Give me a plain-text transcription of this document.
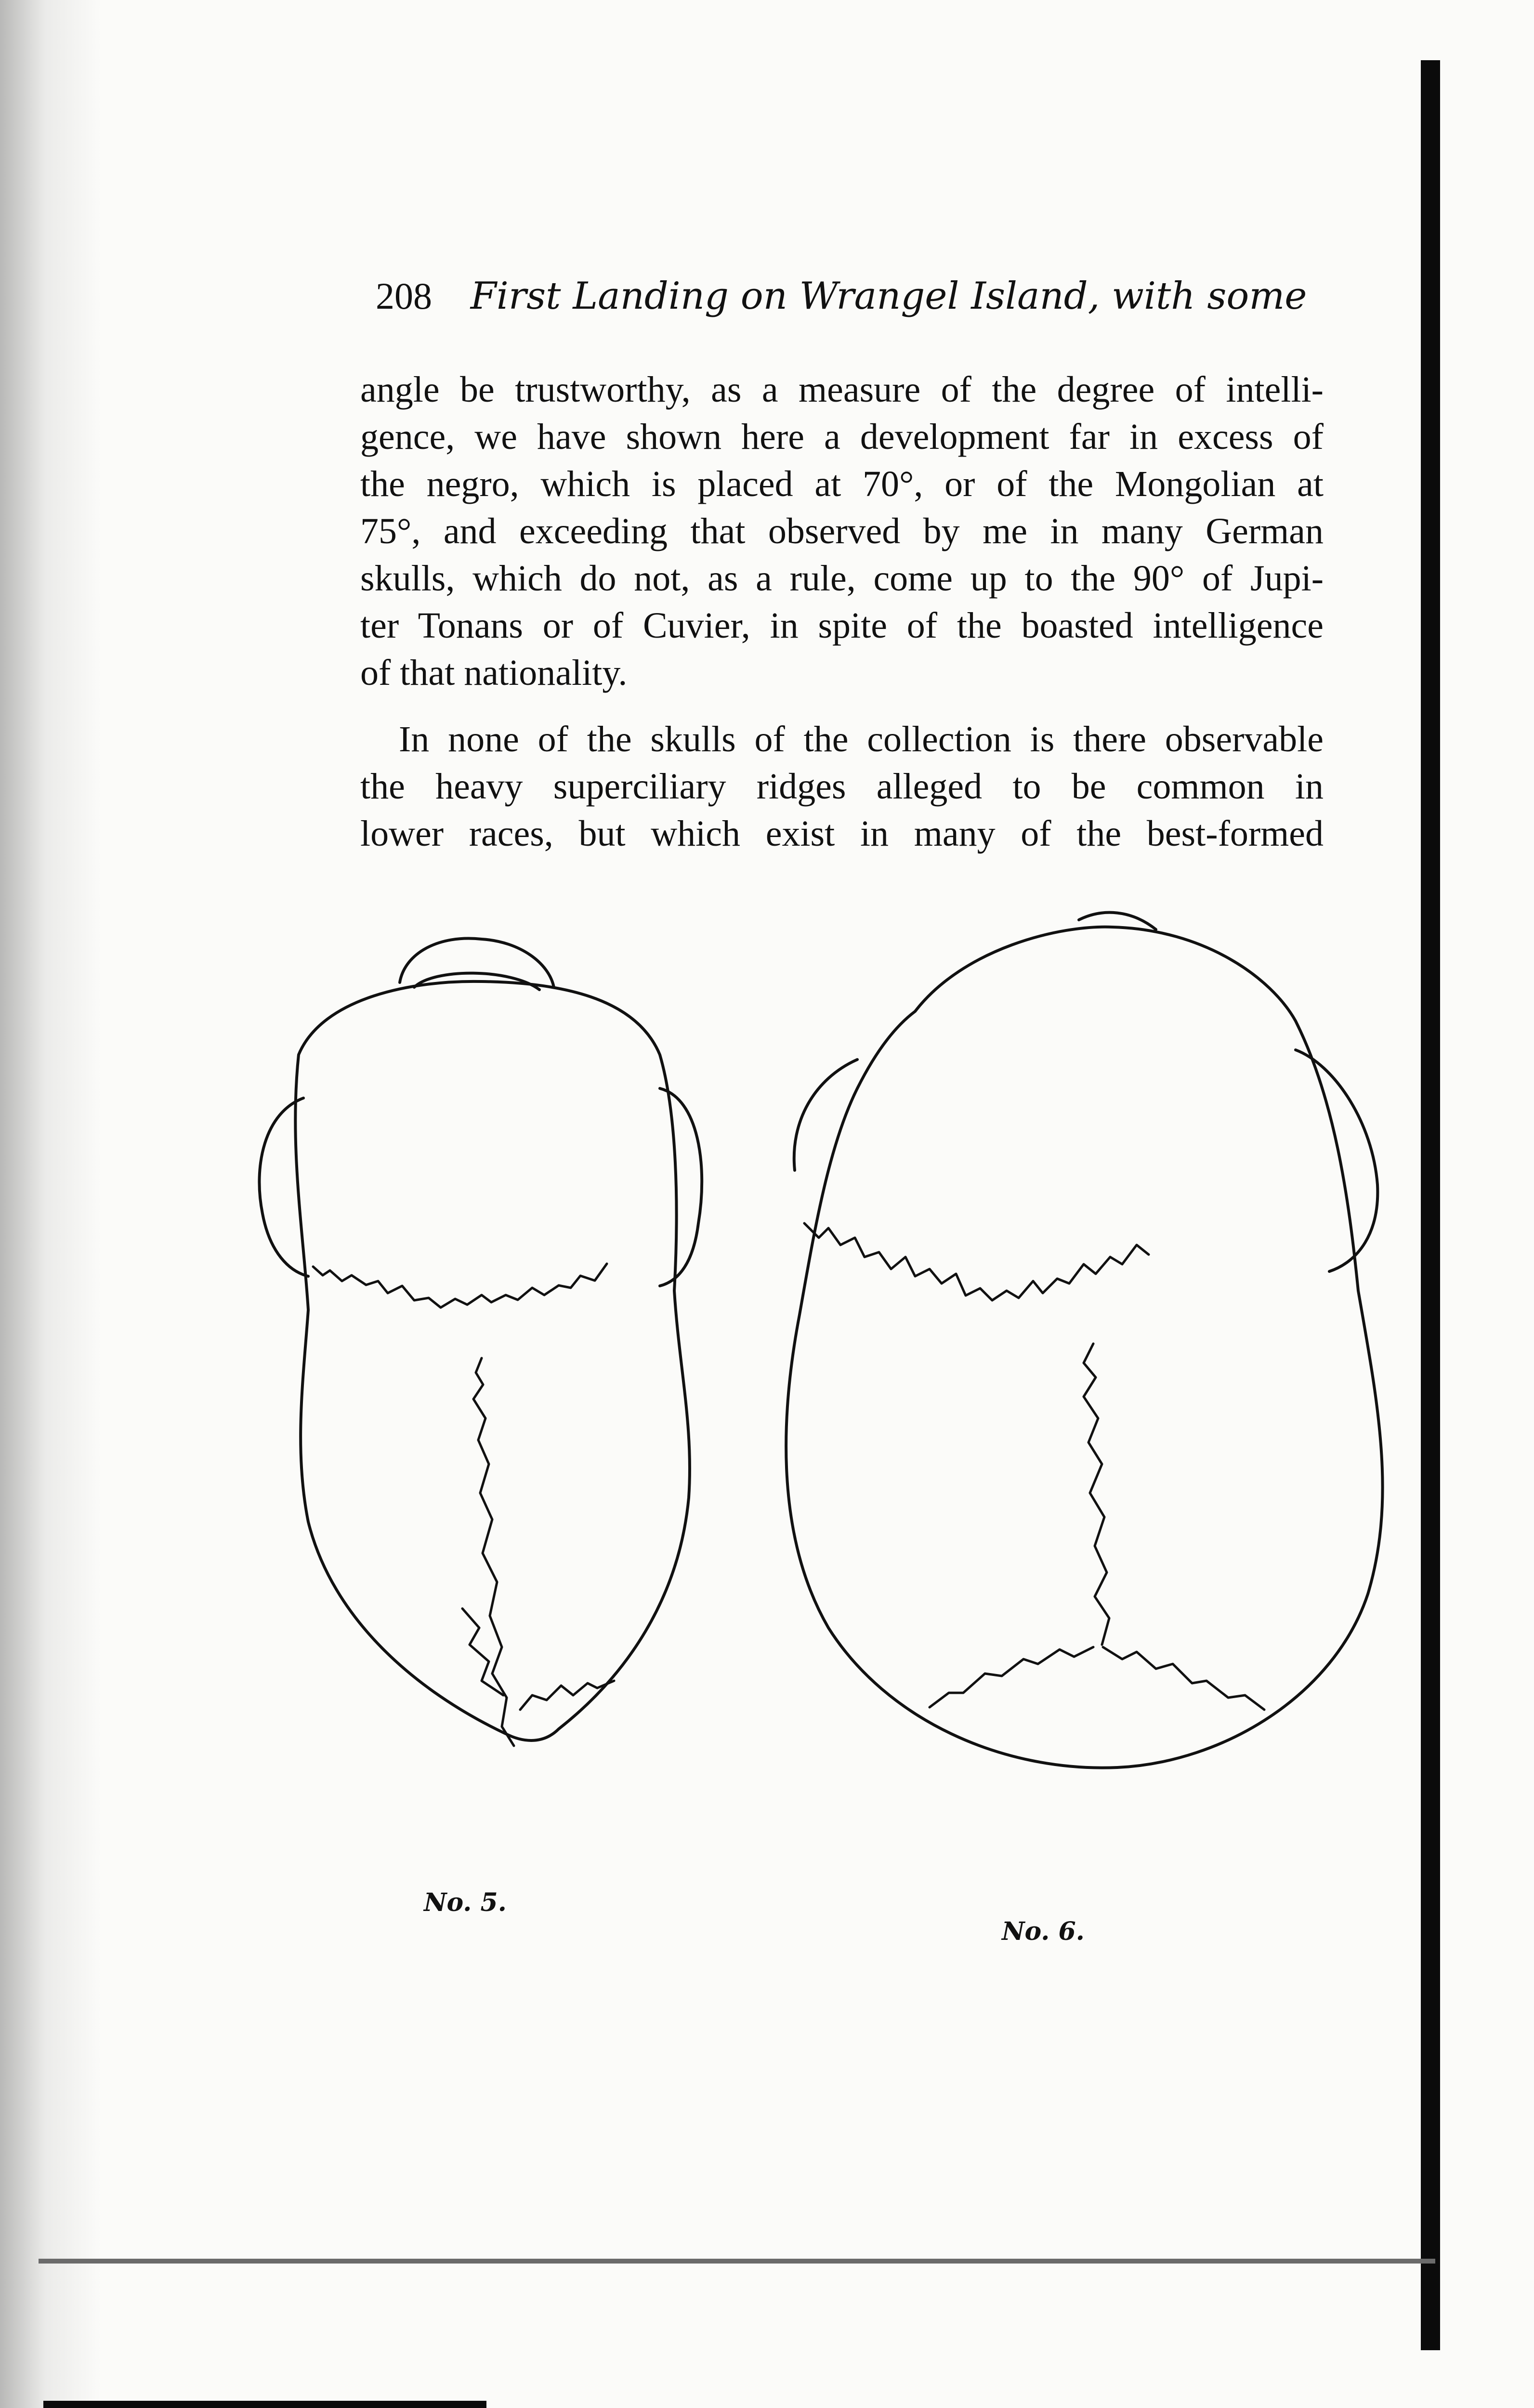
208 First Landing on Wrangel Island, with some
angle be trustworthy, as a measure of the degree of intelli-
gence, we have shown here a development far in excess of
the negro, which is placed at 70°, or of the Mongolian at
75°, and exceeding that observed by me in many German
skulls, which do not, as a rule, come up to the 90° of Jupi-
ter Tonans or of Cuvier, in spite of the boasted intelligence
of that nationality.
In none of the skulls of the collection is there observable
the heavy superciliary ridges alleged to be common in
lower races, but which exist in many of the best-formed
No. 5.
No. 6.
